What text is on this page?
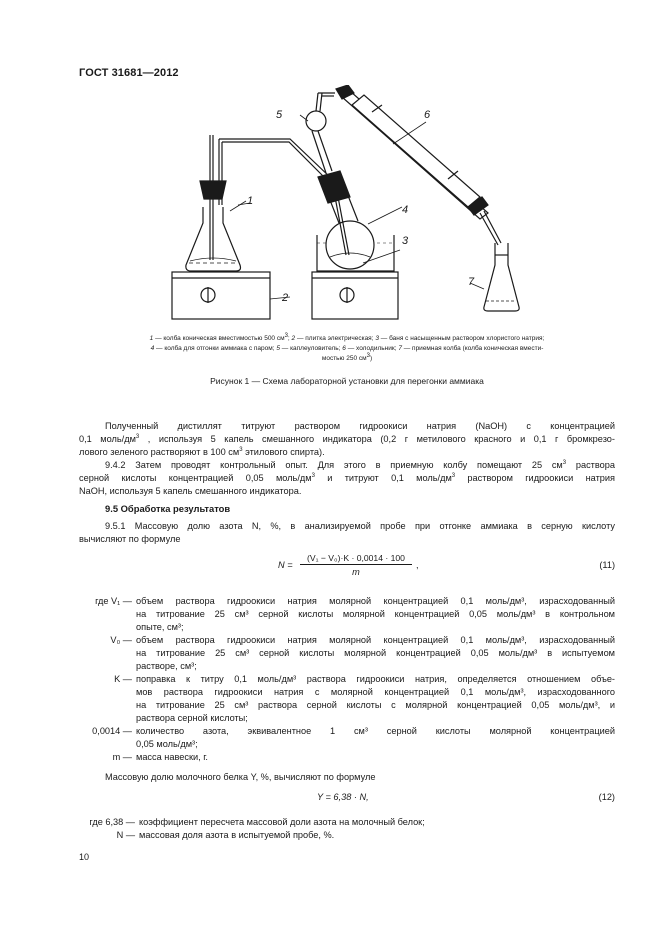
ГОСТ 31681—2012
1
2
3
4
5	6
7
1 — колба коническая вместимостью 500 $см^3$; 2 — плитка электрическая; 3 — баня с насыщенным раствором хлористого натрия;
4 — колба для отгонки аммиака с паром; 5 — каплеуловитель; 6 — холодильник; 7 — приемная колба (колба коническая вмести-
мостью 250 $см^3$)
Рисунок 1 — Схема лабораторной установки для перегонки аммиака
Полученный дистиллят титруют раствором гидроокиси натрия (NaOH) с концентрацией
0,1 моль/$дм^3$ , используя 5 капель смешанного индикатора (0,2 г метилового красного и 0,1 г бромкрезо-
лового зеленого растворяют в 100 $см^3$ этилового спирта).
9.4.2 Затем проводят контрольный опыт. Для этого в приемную колбу помещают 25 $см^3$ раствора
серной кислоты концентрацией 0,05 моль/$дм^3$ и титруют 0,1 моль/$дм^3$ раствором гидроокиси натрия
NaOH, используя 5 капель смешанного индикатора.
9.5 Обработка результатов
9.5.1 Массовую долю азота N, %, в анализируемой пробе при отгонке аммиака в серную кислоту
вычисляют по формуле
N =
(V₁ − V₀)·K · 0,0014 · 100
m
,	(11)
где V₁ — объем раствора гидроокиси натрия молярной концентрацией 0,1 моль/дм³, израсходованный
на титрование 25 см³ серной кислоты молярной концентрацией 0,05 моль/дм³ в контрольном
опыте, см³;
V₀ — объем раствора гидроокиси натрия молярной концентрацией 0,1 моль/дм³, израсходованный
на титрование 25 см³ серной кислоты молярной концентрацией 0,05 моль/дм³ в испытуемом
растворе, см³;
K — поправка к титру 0,1 моль/дм³ раствора гидроокиси натрия, определяется отношением объе-
мов раствора гидроокиси натрия с молярной концентрацией 0,1 моль/дм³, израсходованного
на титрование 25 см³ раствора серной кислоты с молярной концентрацией 0,05 моль/дм³, и
раствора серной кислоты;
0,0014 — количество азота, эквивалентное 1 см³ серной кислоты молярной концентрацией
0,05 моль/дм³;
m — масса навески, г.
Массовую долю молочного белка Y, %, вычисляют по формуле
Y = 6,38 · N,	(12)
где 6,38 — коэффициент пересчета массовой доли азота на молочный белок;
N — массовая доля азота в испытуемой пробе, %.
10
